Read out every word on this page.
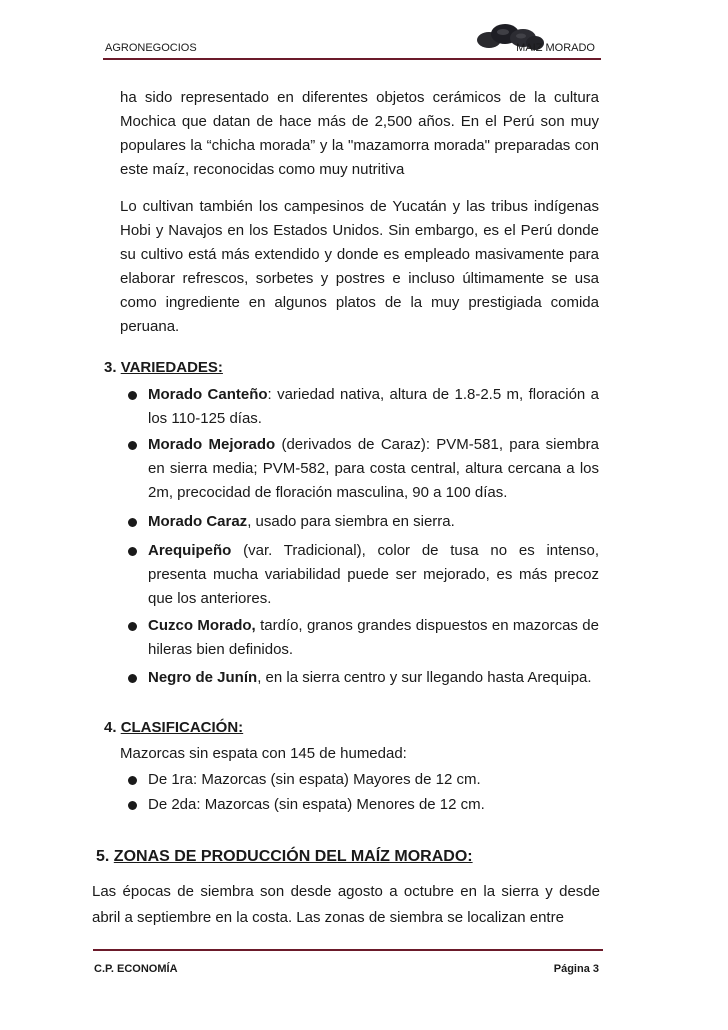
AGRONEGOCIOS	MAIZ MORADO

ha sido representado en diferentes objetos cerámicos de la cultura Mochica que datan de hace más de 2,500 años. En el Perú son muy populares la “chicha morada” y la "mazamorra morada" preparadas con este maíz, reconocidas como muy nutritiva

Lo cultivan también los campesinos de Yucatán y las tribus indígenas Hobi y Navajos en los Estados Unidos. Sin embargo, es el Perú donde su cultivo está más extendido y donde es empleado masivamente para elaborar refrescos, sorbetes y postres e incluso últimamente se usa como ingrediente en algunos platos de la muy prestigiada comida peruana.

3. VARIEDADES:

Morado Canteño: variedad nativa, altura de 1.8-2.5 m, floración a los 110-125 días.

Morado Mejorado (derivados de Caraz): PVM-581, para siembra en sierra media; PVM-582, para costa central, altura cercana a los 2m, precocidad de floración masculina, 90 a 100 días.

Morado Caraz, usado para siembra en sierra.

Arequipeño (var. Tradicional), color de tusa no es intenso, presenta mucha variabilidad puede ser mejorado, es más precoz que los anteriores.

Cuzco Morado, tardío, granos grandes dispuestos en mazorcas de hileras bien definidos.

Negro de Junín, en la sierra centro y sur llegando hasta Arequipa.

4. CLASIFICACIÓN:

Mazorcas sin espata con 145 de humedad:

De 1ra: Mazorcas (sin espata) Mayores de 12 cm.

De 2da: Mazorcas (sin espata) Menores de 12 cm.

5. ZONAS DE PRODUCCIÓN DEL MAÍZ MORADO:

Las épocas de siembra son desde agosto a octubre en la sierra y desde abril a septiembre en la costa. Las zonas de siembra se localizan entre

C.P. ECONOMÍA	Página 3
